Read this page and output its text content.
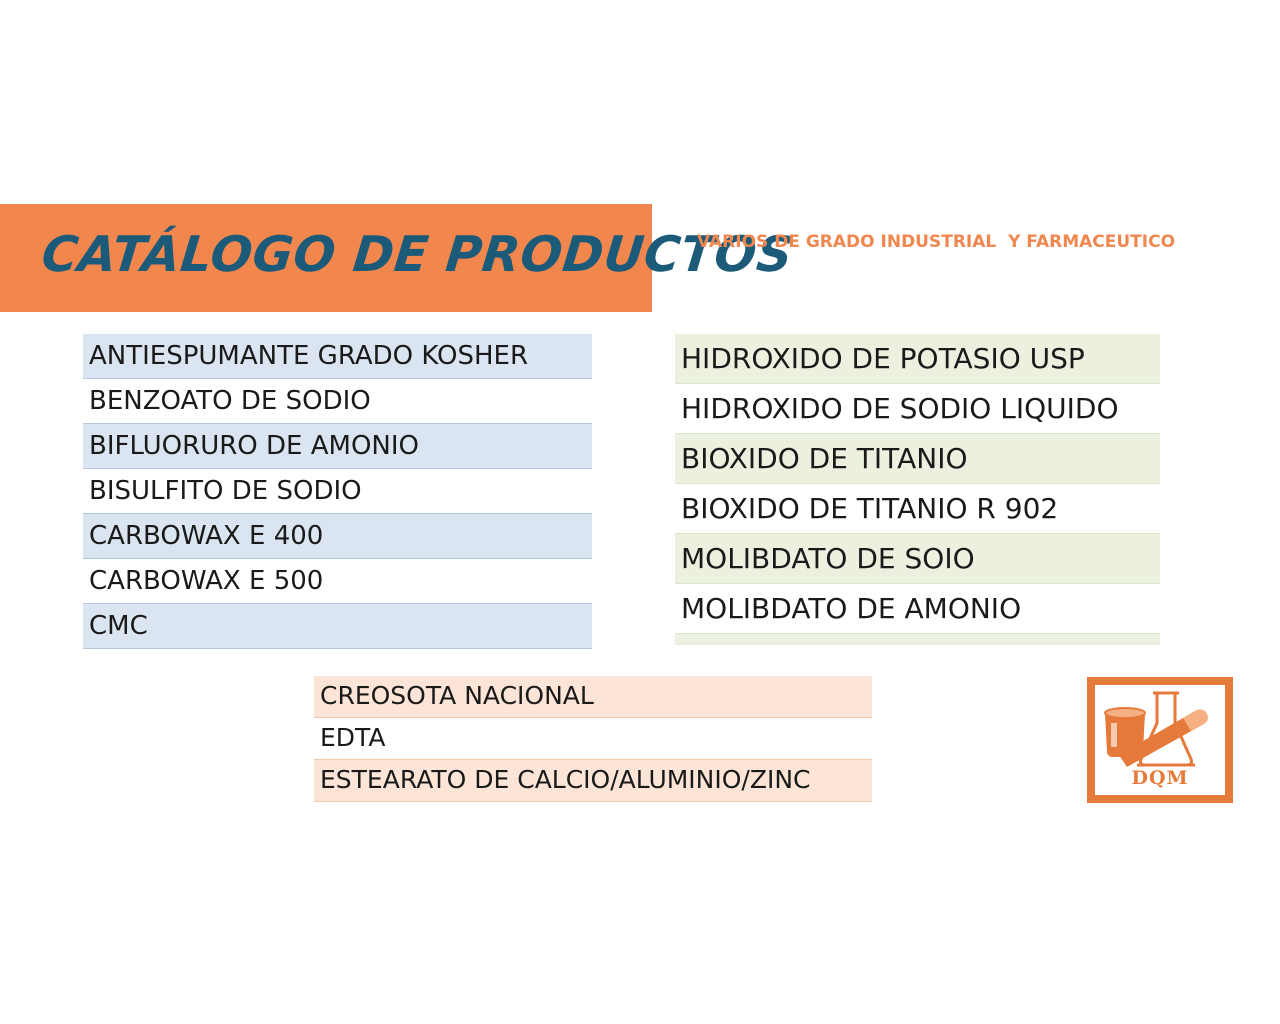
CATÁLOGO DE PRODUCTOS
VARIOS DE GRADO INDUSTRIAL  Y FARMACEUTICO
ANTIESPUMANTE GRADO KOSHER
BENZOATO DE SODIO
BIFLUORURO DE AMONIO
BISULFITO DE SODIO
CARBOWAX E 400
CARBOWAX E 500
CMC
HIDROXIDO DE POTASIO USP
HIDROXIDO DE SODIO LIQUIDO
BIOXIDO DE TITANIO
BIOXIDO DE TITANIO R 902
MOLIBDATO DE SOIO
MOLIBDATO DE AMONIO
CREOSOTA NACIONAL
EDTA
ESTEARATO DE CALCIO/ALUMINIO/ZINC	DQM
